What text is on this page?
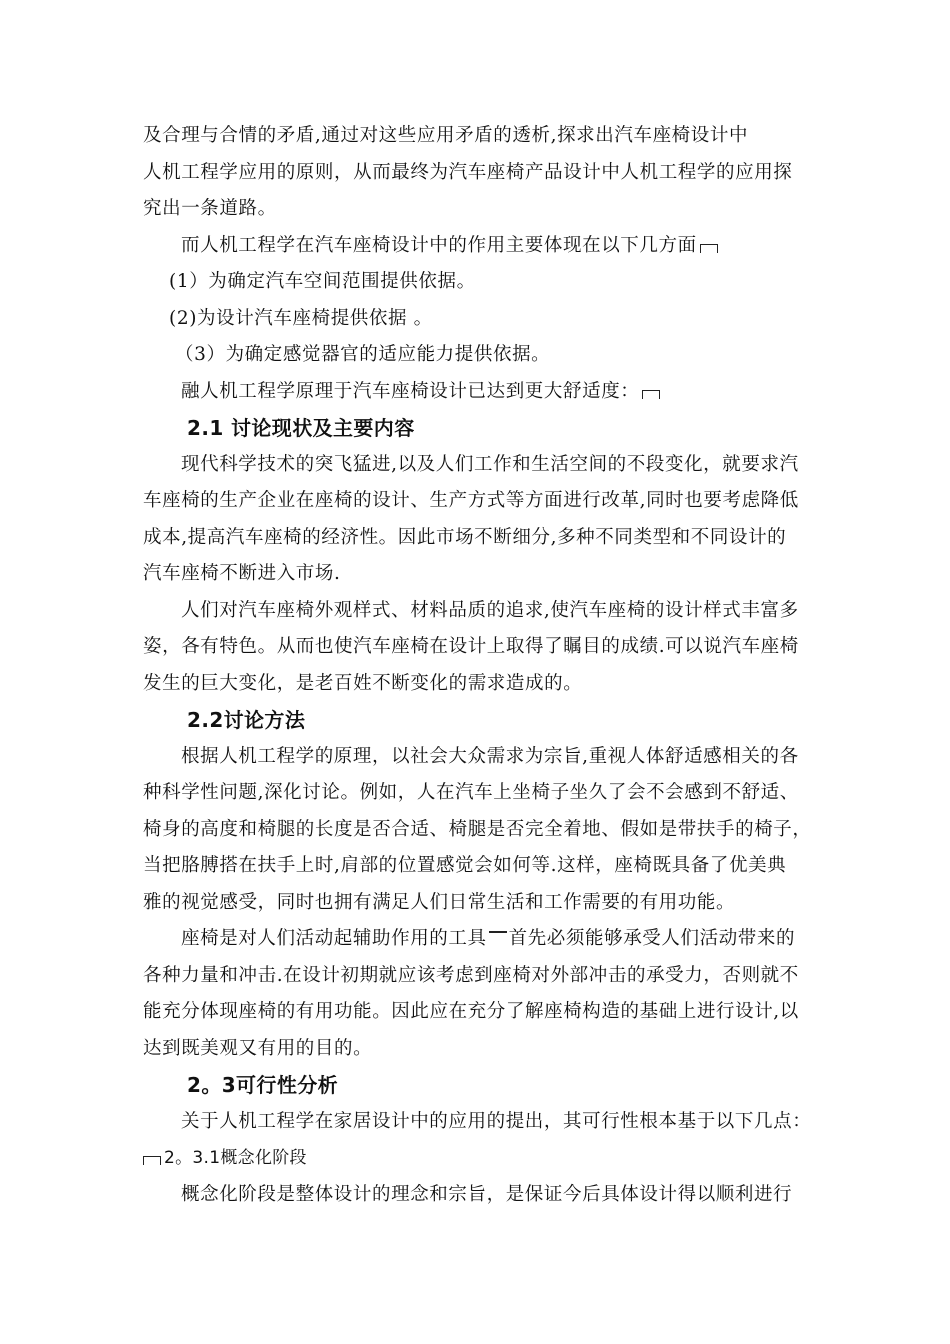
及合理与合情的矛盾,通过对这些应用矛盾的透析,探求出汽车座椅设计中
人机工程学应用的原则，从而最终为汽车座椅产品设计中人机工程学的应用探
究出一条道路。
而人机工程学在汽车座椅设计中的作用主要体现在以下几方面
(1）为确定汽车空间范围提供依据。
(2)为设计汽车座椅提供依据 。
（3）为确定感觉器官的适应能力提供依据。
融人机工程学原理于汽车座椅设计已达到更大舒适度：
2.1 讨论现状及主要内容
现代科学技术的突飞猛进,以及人们工作和生活空间的不段变化，就要求汽
车座椅的生产企业在座椅的设计、生产方式等方面进行改革,同时也要考虑降低
成本,提高汽车座椅的经济性。因此市场不断细分,多种不同类型和不同设计的
汽车座椅不断进入市场.
人们对汽车座椅外观样式、材料品质的追求,使汽车座椅的设计样式丰富多
姿，各有特色。从而也使汽车座椅在设计上取得了瞩目的成绩.可以说汽车座椅
发生的巨大变化，是老百姓不断变化的需求造成的。
2.2讨论方法
根据人机工程学的原理，以社会大众需求为宗旨,重视人体舒适感相关的各
种科学性问题,深化讨论。例如，人在汽车上坐椅子坐久了会不会感到不舒适、
椅身的高度和椅腿的长度是否合适、椅腿是否完全着地、假如是带扶手的椅子，
当把胳膊搭在扶手上时,肩部的位置感觉会如何等.这样，座椅既具备了优美典
雅的视觉感受，同时也拥有满足人们日常生活和工作需要的有用功能。
座椅是对人们活动起辅助作用的工具 首先必须能够承受人们活动带来的
各种力量和冲击.在设计初期就应该考虑到座椅对外部冲击的承受力，否则就不
能充分体现座椅的有用功能。因此应在充分了解座椅构造的基础上进行设计,以
达到既美观又有用的目的。
2。3可行性分析
关于人机工程学在家居设计中的应用的提出，其可行性根本基于以下几点：
2。3.1概念化阶段
概念化阶段是整体设计的理念和宗旨，是保证今后具体设计得以顺利进行
